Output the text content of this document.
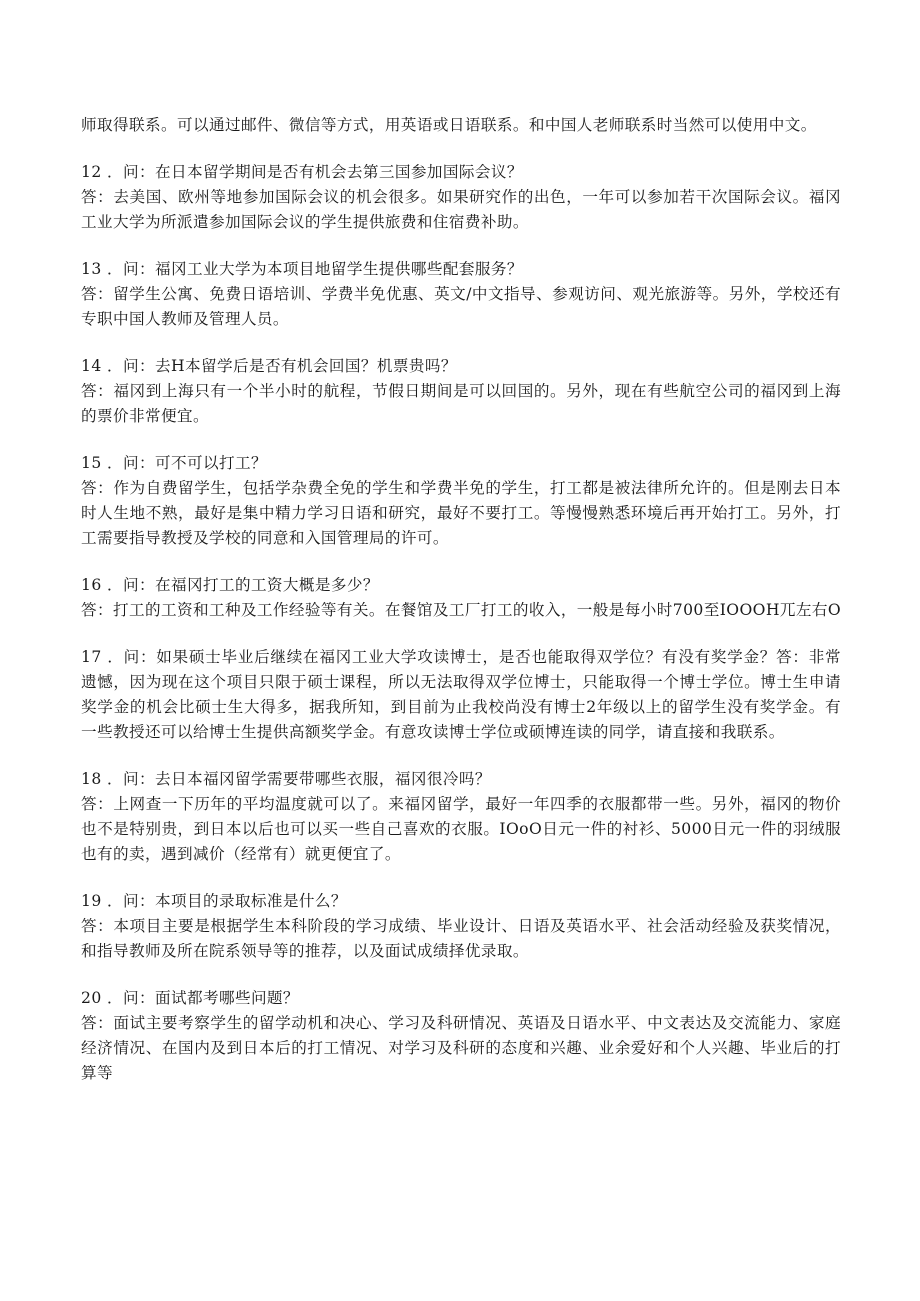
师取得联系。可以通过邮件、微信等方式，用英语或日语联系。和中国人老师联系时当然可以使用中文。

12 ．问：在日本留学期间是否有机会去第三国参加国际会议？

答：去美国、欧州等地参加国际会议的机会很多。如果研究作的出色，一年可以参加若干次国际会议。福冈工业大学为所派遣参加国际会议的学生提供旅费和住宿费补助。

13 ．问：福冈工业大学为本项目地留学生提供哪些配套服务？

答：留学生公寓、免费日语培训、学费半免优惠、英文/中文指导、参观访问、观光旅游等。另外，学校还有专职中国人教师及管理人员。

14 ．问：去H本留学后是否有机会回国？机票贵吗？

答：福冈到上海只有一个半小时的航程，节假日期间是可以回国的。另外，现在有些航空公司的福冈到上海的票价非常便宜。

15 ．问：可不可以打工？

答：作为自费留学生，包括学杂费全免的学生和学费半免的学生，打工都是被法律所允许的。但是刚去日本时人生地不熟，最好是集中精力学习日语和研究，最好不要打工。等慢慢熟悉环境后再开始打工。另外，打工需要指导教授及学校的同意和入国管理局的许可。

16 ．问：在福冈打工的工资大概是多少？

答：打工的工资和工种及工作经验等有关。在餐馆及工厂打工的收入，一般是每小时700至IOOOH兀左右O

17 ．问：如果硕士毕业后继续在福冈工业大学攻读博士，是否也能取得双学位？有没有奖学金？答：非常遗憾，因为现在这个项目只限于硕士课程，所以无法取得双学位博士，只能取得一个博士学位。博士生申请奖学金的机会比硕士生大得多，据我所知，到目前为止我校尚没有博士2年级以上的留学生没有奖学金。有一些教授还可以给博士生提供高额奖学金。有意攻读博士学位或硕博连读的同学，请直接和我联系。

18 ．问：去日本福冈留学需要带哪些衣服，福冈很冷吗？

答：上网查一下历年的平均温度就可以了。来福冈留学，最好一年四季的衣服都带一些。另外，福冈的物价也不是特别贵，到日本以后也可以买一些自己喜欢的衣服。IOoO日元一件的衬衫、5000日元一件的羽绒服也有的卖，遇到减价（经常有）就更便宜了。

19 ．问：本项目的录取标准是什么？

答：本项目主要是根据学生本科阶段的学习成绩、毕业设计、日语及英语水平、社会活动经验及获奖情况，和指导教师及所在院系领导等的推荐，以及面试成绩择优录取。

20 ．问：面试都考哪些问题？

答：面试主要考察学生的留学动机和决心、学习及科研情况、英语及日语水平、中文表达及交流能力、家庭经济情况、在国内及到日本后的打工情况、对学习及科研的态度和兴趣、业余爱好和个人兴趣、毕业后的打算等
